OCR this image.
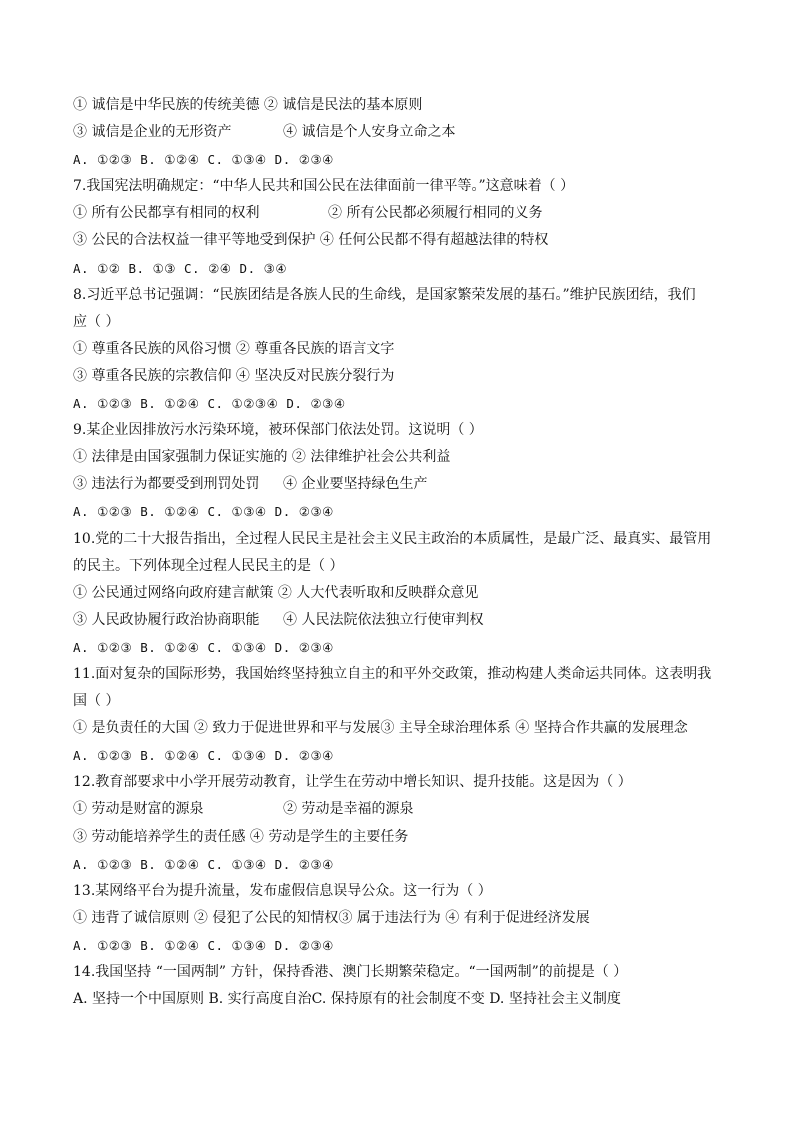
① 诚信是中华民族的传统美德 ② 诚信是民法的基本原则
③ 诚信是企业的无形资产	④ 诚信是个人安身立命之本
A. ①②③ B. ①②④ C. ①③④ D. ②③④
7.我国宪法明确规定：“中华人民共和国公民在法律面前一律平等。”这意味着（ ）
① 所有公民都享有相同的权利	② 所有公民都必须履行相同的义务
③ 公民的合法权益一律平等地受到保护 ④ 任何公民都不得有超越法律的特权
A. ①② B. ①③ C. ②④ D. ③④
8.习近平总书记强调：“民族团结是各族人民的生命线，是国家繁荣发展的基石。”维护民族团结，我们
应（ ）
① 尊重各民族的风俗习惯 ② 尊重各民族的语言文字
③ 尊重各民族的宗教信仰 ④ 坚决反对民族分裂行为
A. ①②③ B. ①②④ C. ①②③④ D. ②③④
9.某企业因排放污水污染环境，被环保部门依法处罚。这说明（ ）
① 法律是由国家强制力保证实施的 ② 法律维护社会公共利益
③ 违法行为都要受到刑罚处罚 ④ 企业要坚持绿色生产
A. ①②③ B. ①②④ C. ①③④ D. ②③④
10.党的二十大报告指出，全过程人民民主是社会主义民主政治的本质属性，是最广泛、最真实、最管用
的民主。下列体现全过程人民民主的是（ ）
① 公民通过网络向政府建言献策 ② 人大代表听取和反映群众意见
③ 人民政协履行政治协商职能 ④ 人民法院依法独立行使审判权
A. ①②③ B. ①②④ C. ①③④ D. ②③④
11.面对复杂的国际形势，我国始终坚持独立自主的和平外交政策，推动构建人类命运共同体。这表明我
国（ ）
① 是负责任的大国 ② 致力于促进世界和平与发展③ 主导全球治理体系 ④ 坚持合作共赢的发展理念
A. ①②③ B. ①②④ C. ①③④ D. ②③④
12.教育部要求中小学开展劳动教育，让学生在劳动中增长知识、提升技能。这是因为（ ）
① 劳动是财富的源泉	② 劳动是幸福的源泉
③ 劳动能培养学生的责任感 ④ 劳动是学生的主要任务
A. ①②③ B. ①②④ C. ①③④ D. ②③④
13.某网络平台为提升流量，发布虚假信息误导公众。这一行为（ ）
① 违背了诚信原则 ② 侵犯了公民的知情权③ 属于违法行为 ④ 有利于促进经济发展
A. ①②③ B. ①②④ C. ①③④ D. ②③④
14.我国坚持 “一国两制” 方针，保持香港、澳门长期繁荣稳定。“一国两制”的前提是（ ）
A. 坚持一个中国原则 B. 实行高度自治C. 保持原有的社会制度不变 D. 坚持社会主义制度
